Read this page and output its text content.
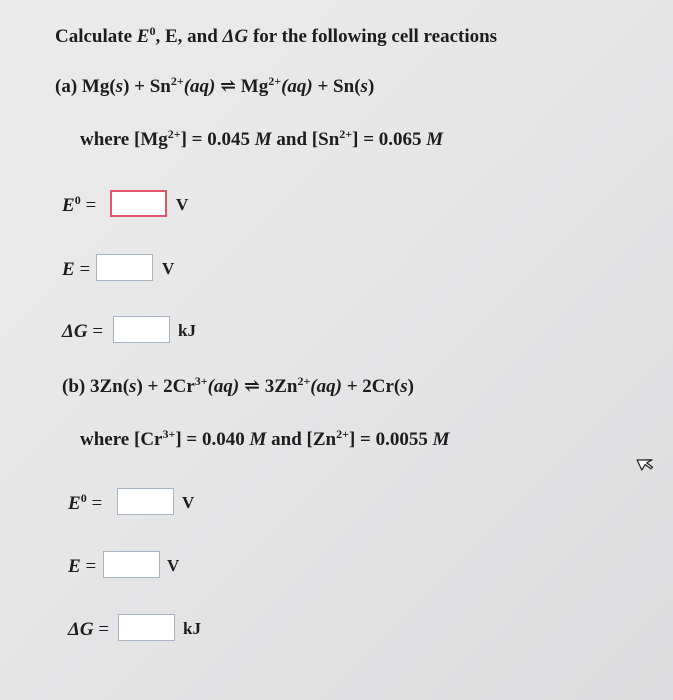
Calculate $E^0$, E, and ΔG for the following cell reactions
(a) $Mg(s) + Sn^{2+}(aq)$ ⇌ $Mg^{2+}(aq) + Sn(s)$
where $[Mg^{2+}] = 0.045$ M and $[Sn^{2+}] = 0.065$ M
$E^0$ =	V
E =	V
ΔG =	kJ
(b) $3Zn(s) + 2Cr^{3+}(aq)$ ⇌ $3Zn^{2+}(aq) + 2Cr(s)$
where $[Cr^{3+}] = 0.040$ M and $[Zn^{2+}] = 0.0055$ M
$E^0$ =	V
E =	V
ΔG =	kJ
